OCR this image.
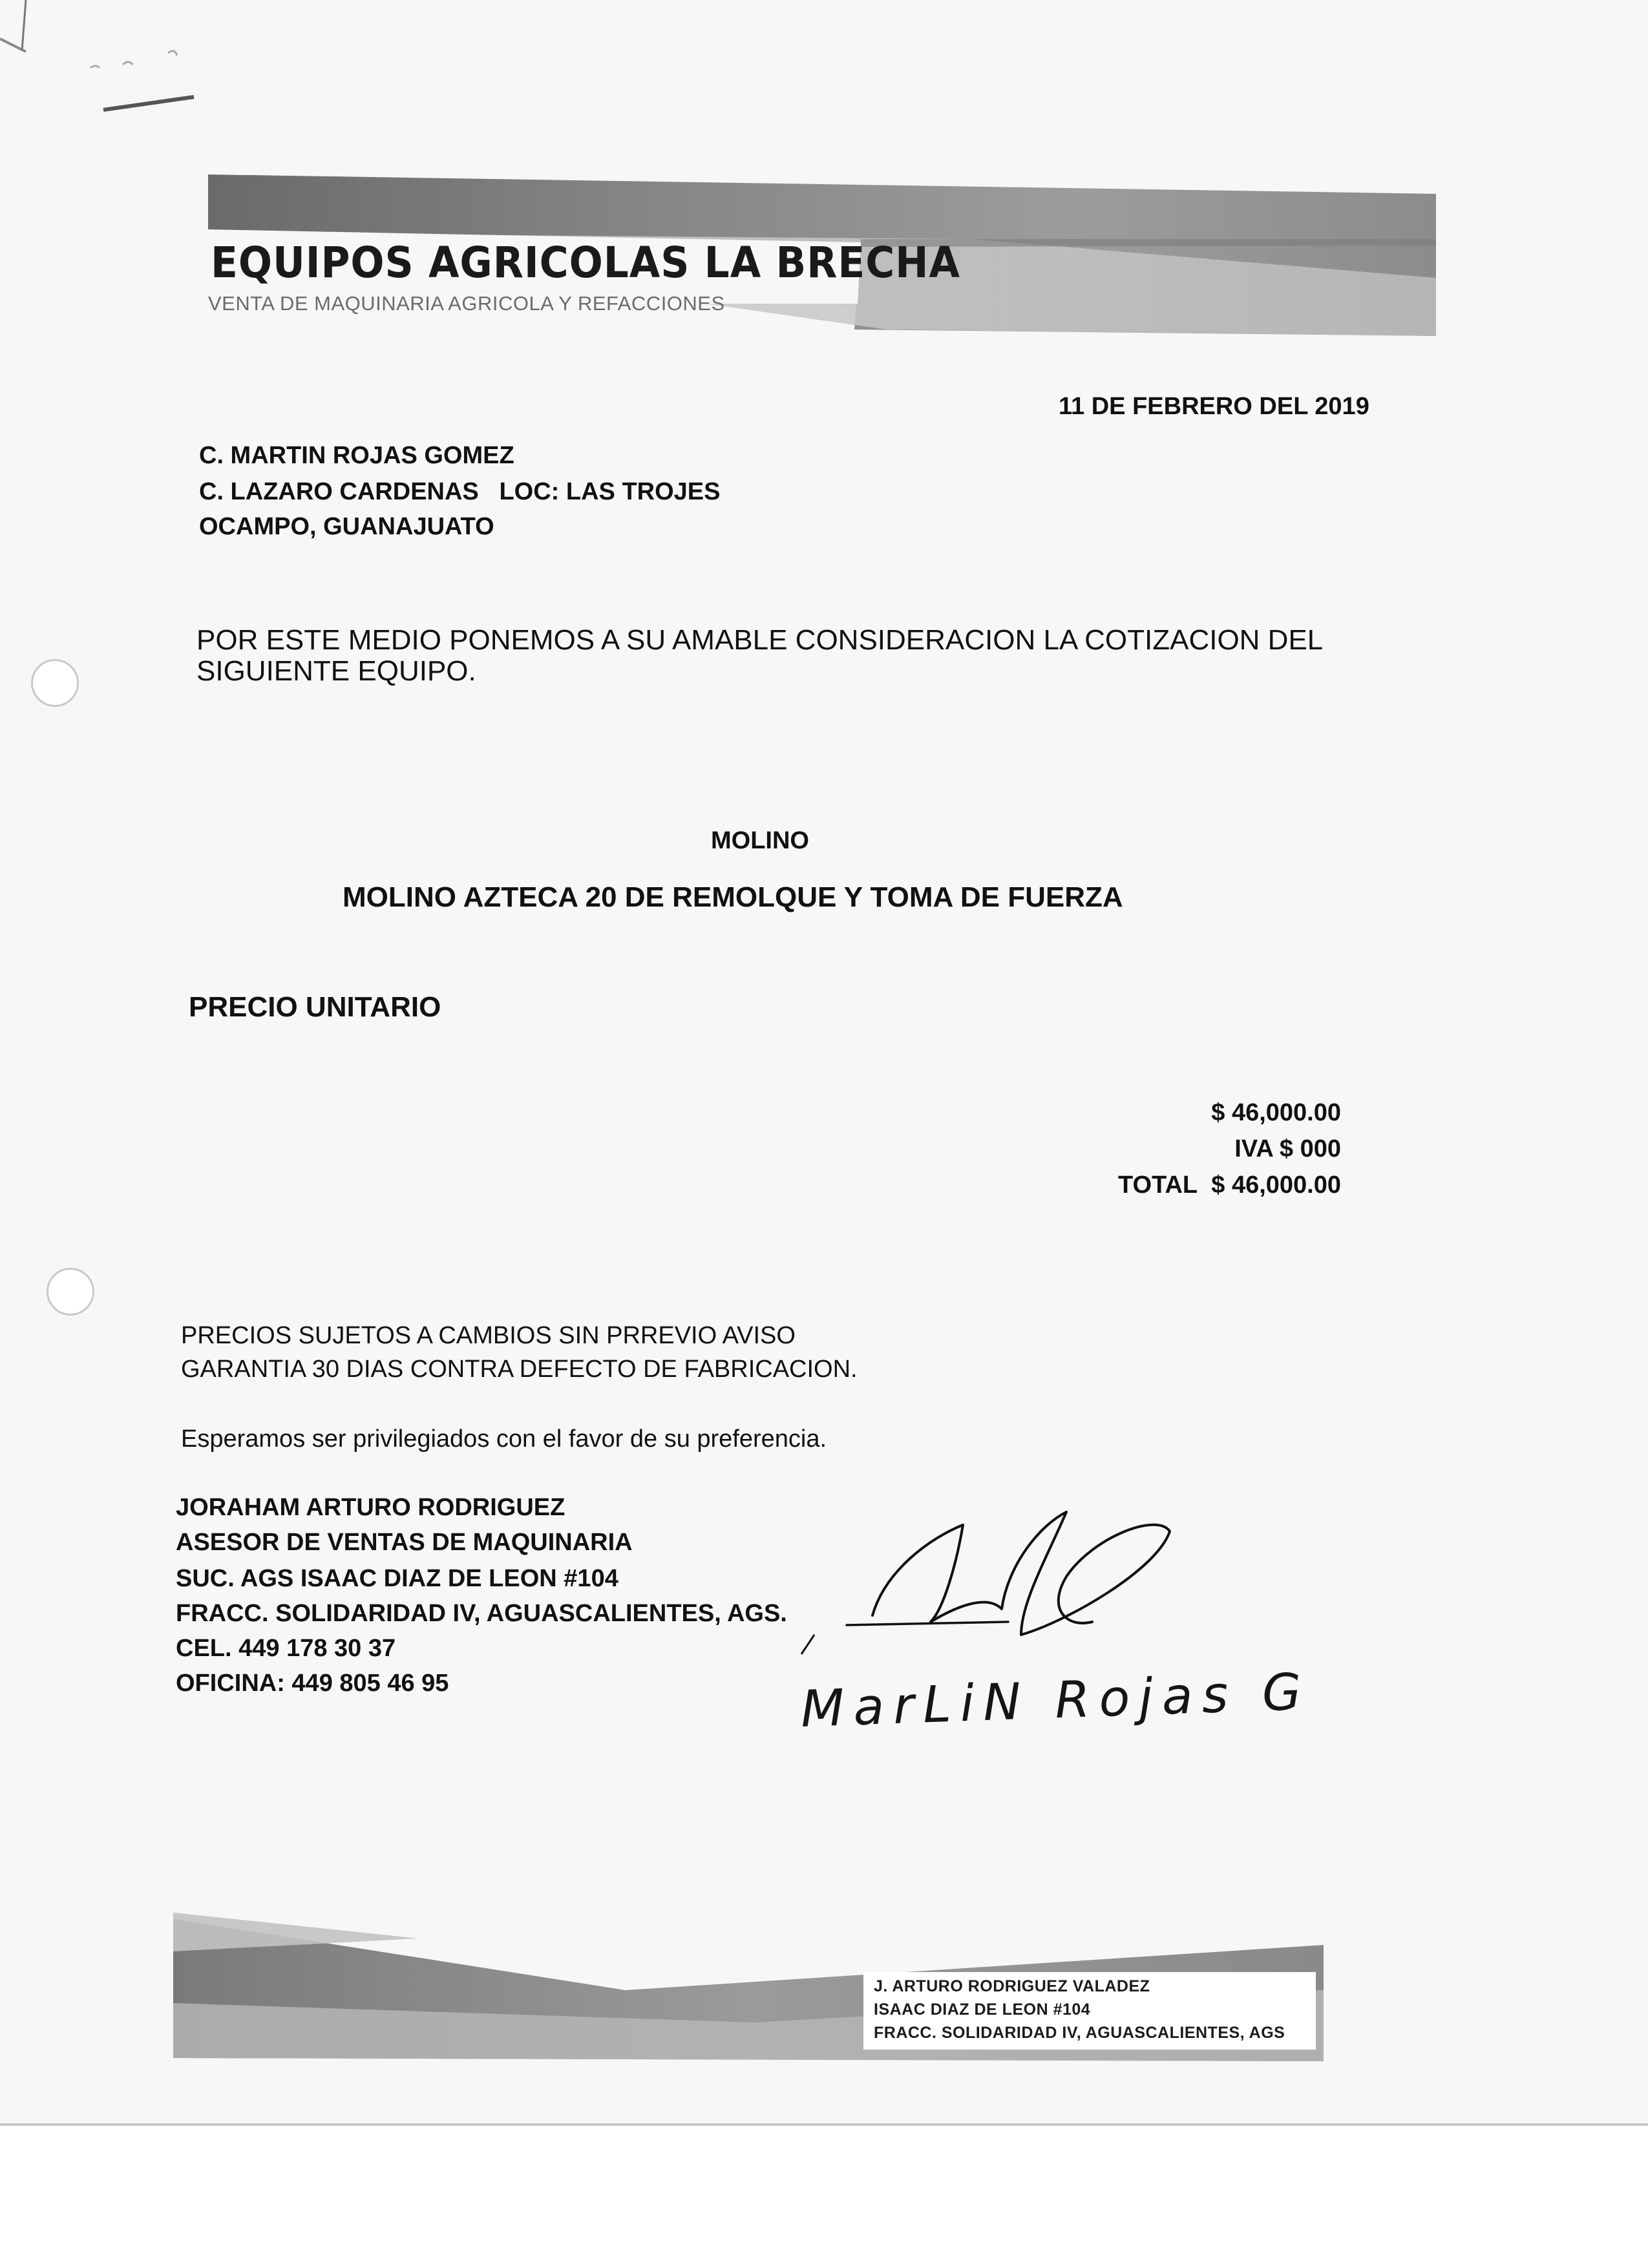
EQUIPOS AGRICOLAS LA BRECHA
VENTA DE MAQUINARIA AGRICOLA Y REFACCIONES
11 DE FEBRERO DEL 2019
C. MARTIN ROJAS GOMEZ
C. LAZARO CARDENAS LOC: LAS TROJES
OCAMPO, GUANAJUATO
POR ESTE MEDIO PONEMOS A SU AMABLE CONSIDERACION LA COTIZACION DEL
SIGUIENTE EQUIPO.
MOLINO
MOLINO AZTECA 20 DE REMOLQUE Y TOMA DE FUERZA
PRECIO UNITARIO
$ 46,000.00
IVA $ 000
TOTAL $ 46,000.00
PRECIOS SUJETOS A CAMBIOS SIN PRREVIO AVISO
GARANTIA 30 DIAS CONTRA DEFECTO DE FABRICACION.
Esperamos ser privilegiados con el favor de su preferencia.
JORAHAM ARTURO RODRIGUEZ
ASESOR DE VENTAS DE MAQUINARIA
SUC. AGS ISAAC DIAZ DE LEON #104
FRACC. SOLIDARIDAD IV, AGUASCALIENTES, AGS.
CEL. 449 178 30 37
OFICINA: 449 805 46 95	MarLiN Rojas G
J. ARTURO RODRIGUEZ VALADEZ
ISAAC DIAZ DE LEON #104
FRACC. SOLIDARIDAD IV, AGUASCALIENTES, AGS
